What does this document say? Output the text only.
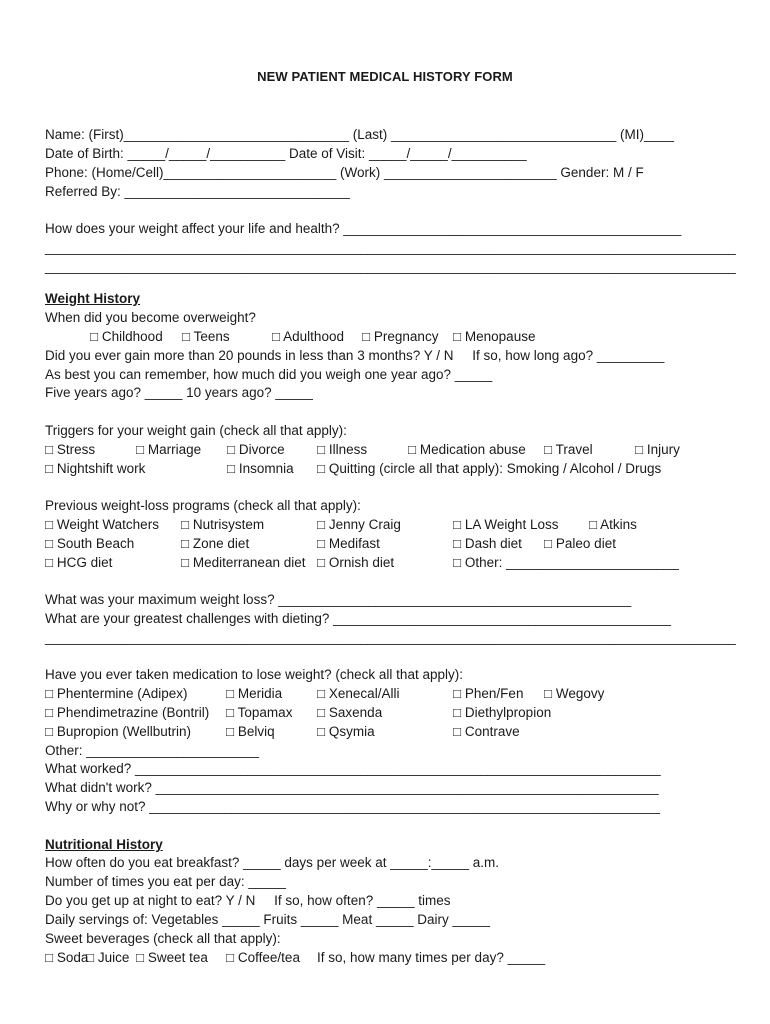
NEW PATIENT MEDICAL HISTORY FORM
Name: (First)______________________________ (Last) ______________________________ (MI)____
Date of Birth: _____/_____/__________ Date of Visit: _____/_____/__________
Phone: (Home/Cell)_______________________ (Work) _______________________ Gender: M / F
Referred By: ______________________________
How does your weight affect your life and health? _____________________________________________
____________________________________________________________________________________________
____________________________________________________________________________________________
Weight History
When did you become overweight?
□ Childhood □ Teens	□ Adulthood □ Pregnancy □ Menopause
Did you ever gain more than 20 pounds in less than 3 months? Y / N     If so, how long ago? _________
As best you can remember, how much did you weigh one year ago? _____
Five years ago? _____ 10 years ago? _____
Triggers for your weight gain (check all that apply):
□ Stress	□ Marriage □ Divorce □ Illness	□ Medication abuse □ Travel	□ Injury
□ Nightshift work	□ Insomnia □ Quitting (circle all that apply): Smoking / Alcohol / Drugs
Previous weight-loss programs (check all that apply):
□ Weight Watchers □ Nutrisystem	□ Jenny Craig	□ LA Weight Loss □ Atkins
□ South Beach	□ Zone diet	□ Medifast	□ Dash diet □ Paleo diet
□ HCG diet	□ Mediterranean diet □ Ornish diet	□ Other: _______________________
What was your maximum weight loss? _______________________________________________
What are your greatest challenges with dieting? _____________________________________________
____________________________________________________________________________________________
Have you ever taken medication to lose weight? (check all that apply):
□ Phentermine (Adipex)	□ Meridia	□ Xenecal/Alli	□ Phen/Fen □ Wegovy
□ Phendimetrazine (Bontril) □ Topamax □ Saxenda	□ Diethylpropion
□ Bupropion (Wellbutrin)	□ Belviq	□ Qsymia	□ Contrave
Other: _______________________
What worked? ______________________________________________________________________
What didn't work? ___________________________________________________________________
Why or why not? ____________________________________________________________________
Nutritional History
How often do you eat breakfast? _____ days per week at _____:_____ a.m.
Number of times you eat per day: _____
Do you get up at night to eat? Y / N     If so, how often? _____ times
Daily servings of: Vegetables _____ Fruits _____ Meat _____ Dairy _____
Sweet beverages (check all that apply):
□ Soda
□ Juice □ Sweet tea □ Coffee/tea If so, how many times per day? _____
